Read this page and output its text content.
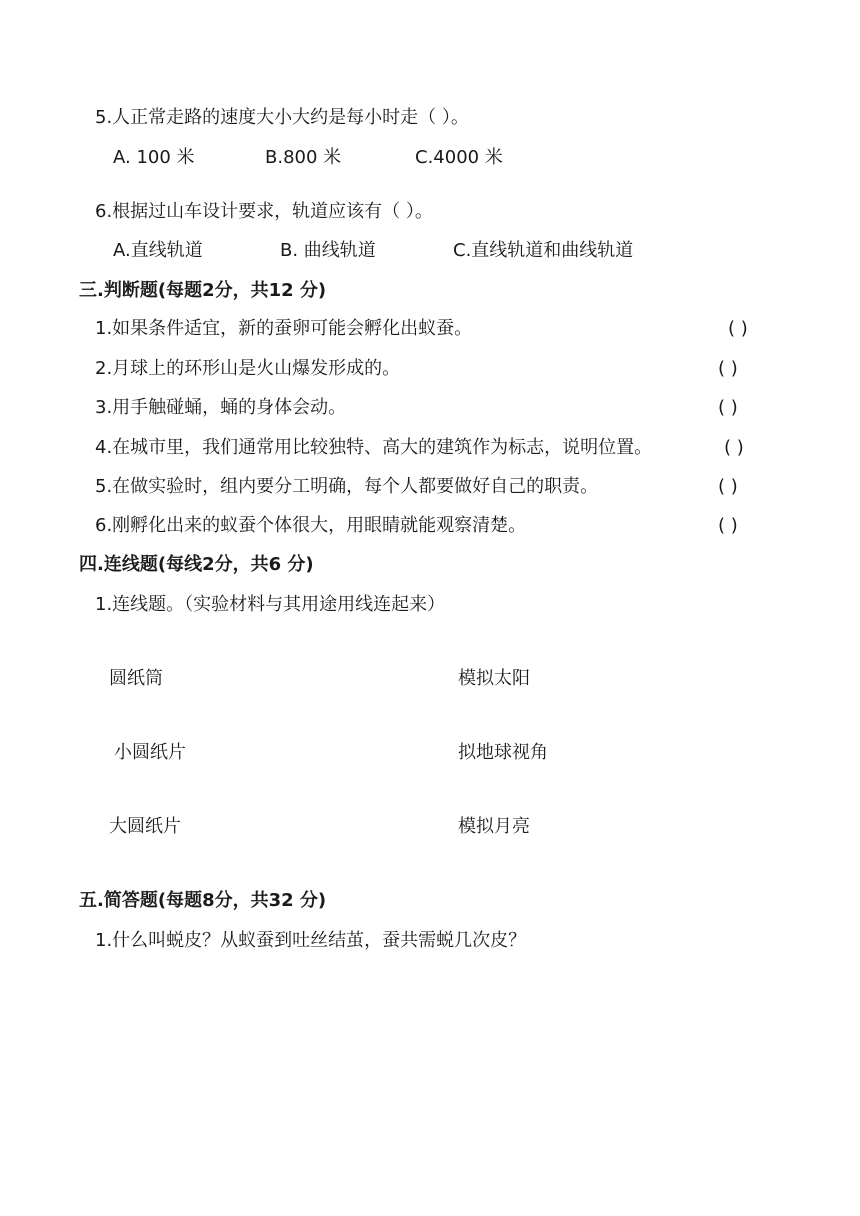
5.人正常走路的速度大小大约是每小时走（ ）。
A. 100 米	B.800 米	C.4000 米
6.根据过山车设计要求，轨道应该有（ ）。
A.直线轨道	B. 曲线轨道	C.直线轨道和曲线轨道
三.判断题(每题2分，共12 分)
1.如果条件适宜，新的蚕卵可能会孵化出蚁蚕。	( )
2.月球上的环形山是火山爆发形成的。	( )
3.用手触碰蛹，蛹的身体会动。	( )
4.在城市里，我们通常用比较独特、高大的建筑作为标志，说明位置。	( )
5.在做实验时，组内要分工明确，每个人都要做好自己的职责。	( )
6.刚孵化出来的蚁蚕个体很大，用眼睛就能观察清楚。	( )
四.连线题(每线2分，共6 分)
1.连线题。（实验材料与其用途用线连起来）
圆纸筒	模拟太阳
小圆纸片	拟地球视角
大圆纸片	模拟月亮
五.简答题(每题8分，共32 分)
1.什么叫蜕皮？从蚁蚕到吐丝结茧，蚕共需蜕几次皮？
